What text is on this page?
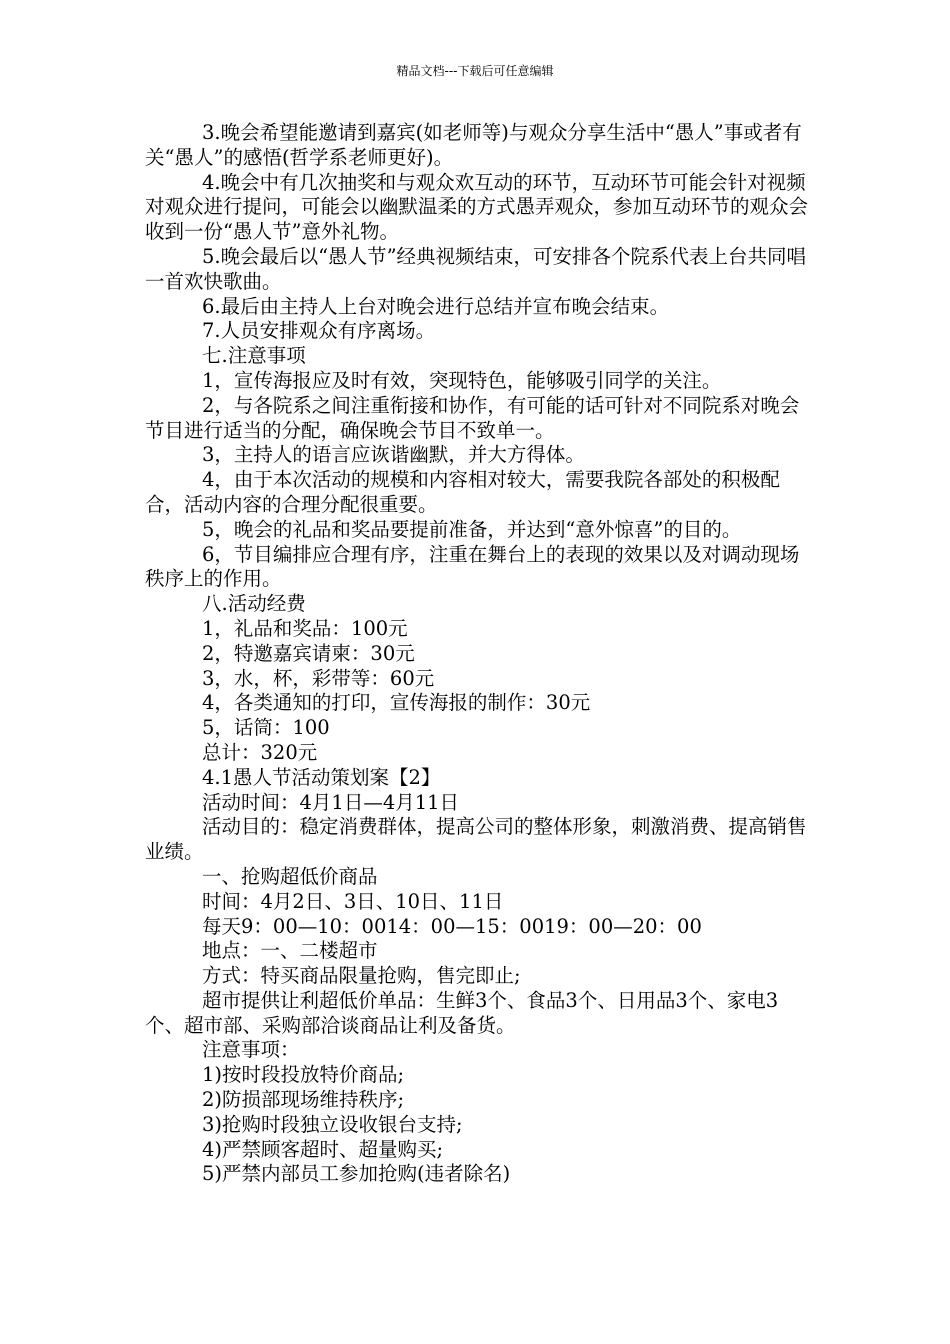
精品文档---下载后可任意编辑

3.晚会希望能邀请到嘉宾(如老师等)与观众分享生活中“愚人”事或者有关“愚人”的感悟(哲学系老师更好)。

4.晚会中有几次抽奖和与观众欢互动的环节，互动环节可能会针对视频对观众进行提问，可能会以幽默温柔的方式愚弄观众，参加互动环节的观众会收到一份“愚人节”意外礼物。

5.晚会最后以“愚人节”经典视频结束，可安排各个院系代表上台共同唱一首欢快歌曲。

6.最后由主持人上台对晚会进行总结并宣布晚会结束。

7.人员安排观众有序离场。

七.注意事项

1，宣传海报应及时有效，突现特色，能够吸引同学的关注。

2，与各院系之间注重衔接和协作，有可能的话可针对不同院系对晚会节目进行适当的分配，确保晚会节目不致单一。

3，主持人的语言应诙谐幽默，并大方得体。

4，由于本次活动的规模和内容相对较大，需要我院各部处的积极配合，活动内容的合理分配很重要。

5，晚会的礼品和奖品要提前准备，并达到“意外惊喜”的目的。

6，节目编排应合理有序，注重在舞台上的表现的效果以及对调动现场秩序上的作用。

八.活动经费

1，礼品和奖品：100元

2，特邀嘉宾请柬：30元

3，水，杯，彩带等：60元

4，各类通知的打印，宣传海报的制作：30元

5，话筒：100

总计：320元

4.1愚人节活动策划案【2】

活动时间：4月1日—4月11日

活动目的：稳定消费群体，提高公司的整体形象，刺激消费、提高销售业绩。

一、抢购超低价商品

时间：4月2日、3日、10日、11日

每天9：00—10：0014：00—15：0019：00—20：00

地点：一、二楼超市

方式：特买商品限量抢购，售完即止;

超市提供让利超低价单品：生鲜3个、食品3个、日用品3个、家电3个、超市部、采购部洽谈商品让利及备货。

注意事项：

1)按时段投放特价商品;

2)防损部现场维持秩序;

3)抢购时段独立设收银台支持;

4)严禁顾客超时、超量购买;

5)严禁内部员工参加抢购(违者除名)
